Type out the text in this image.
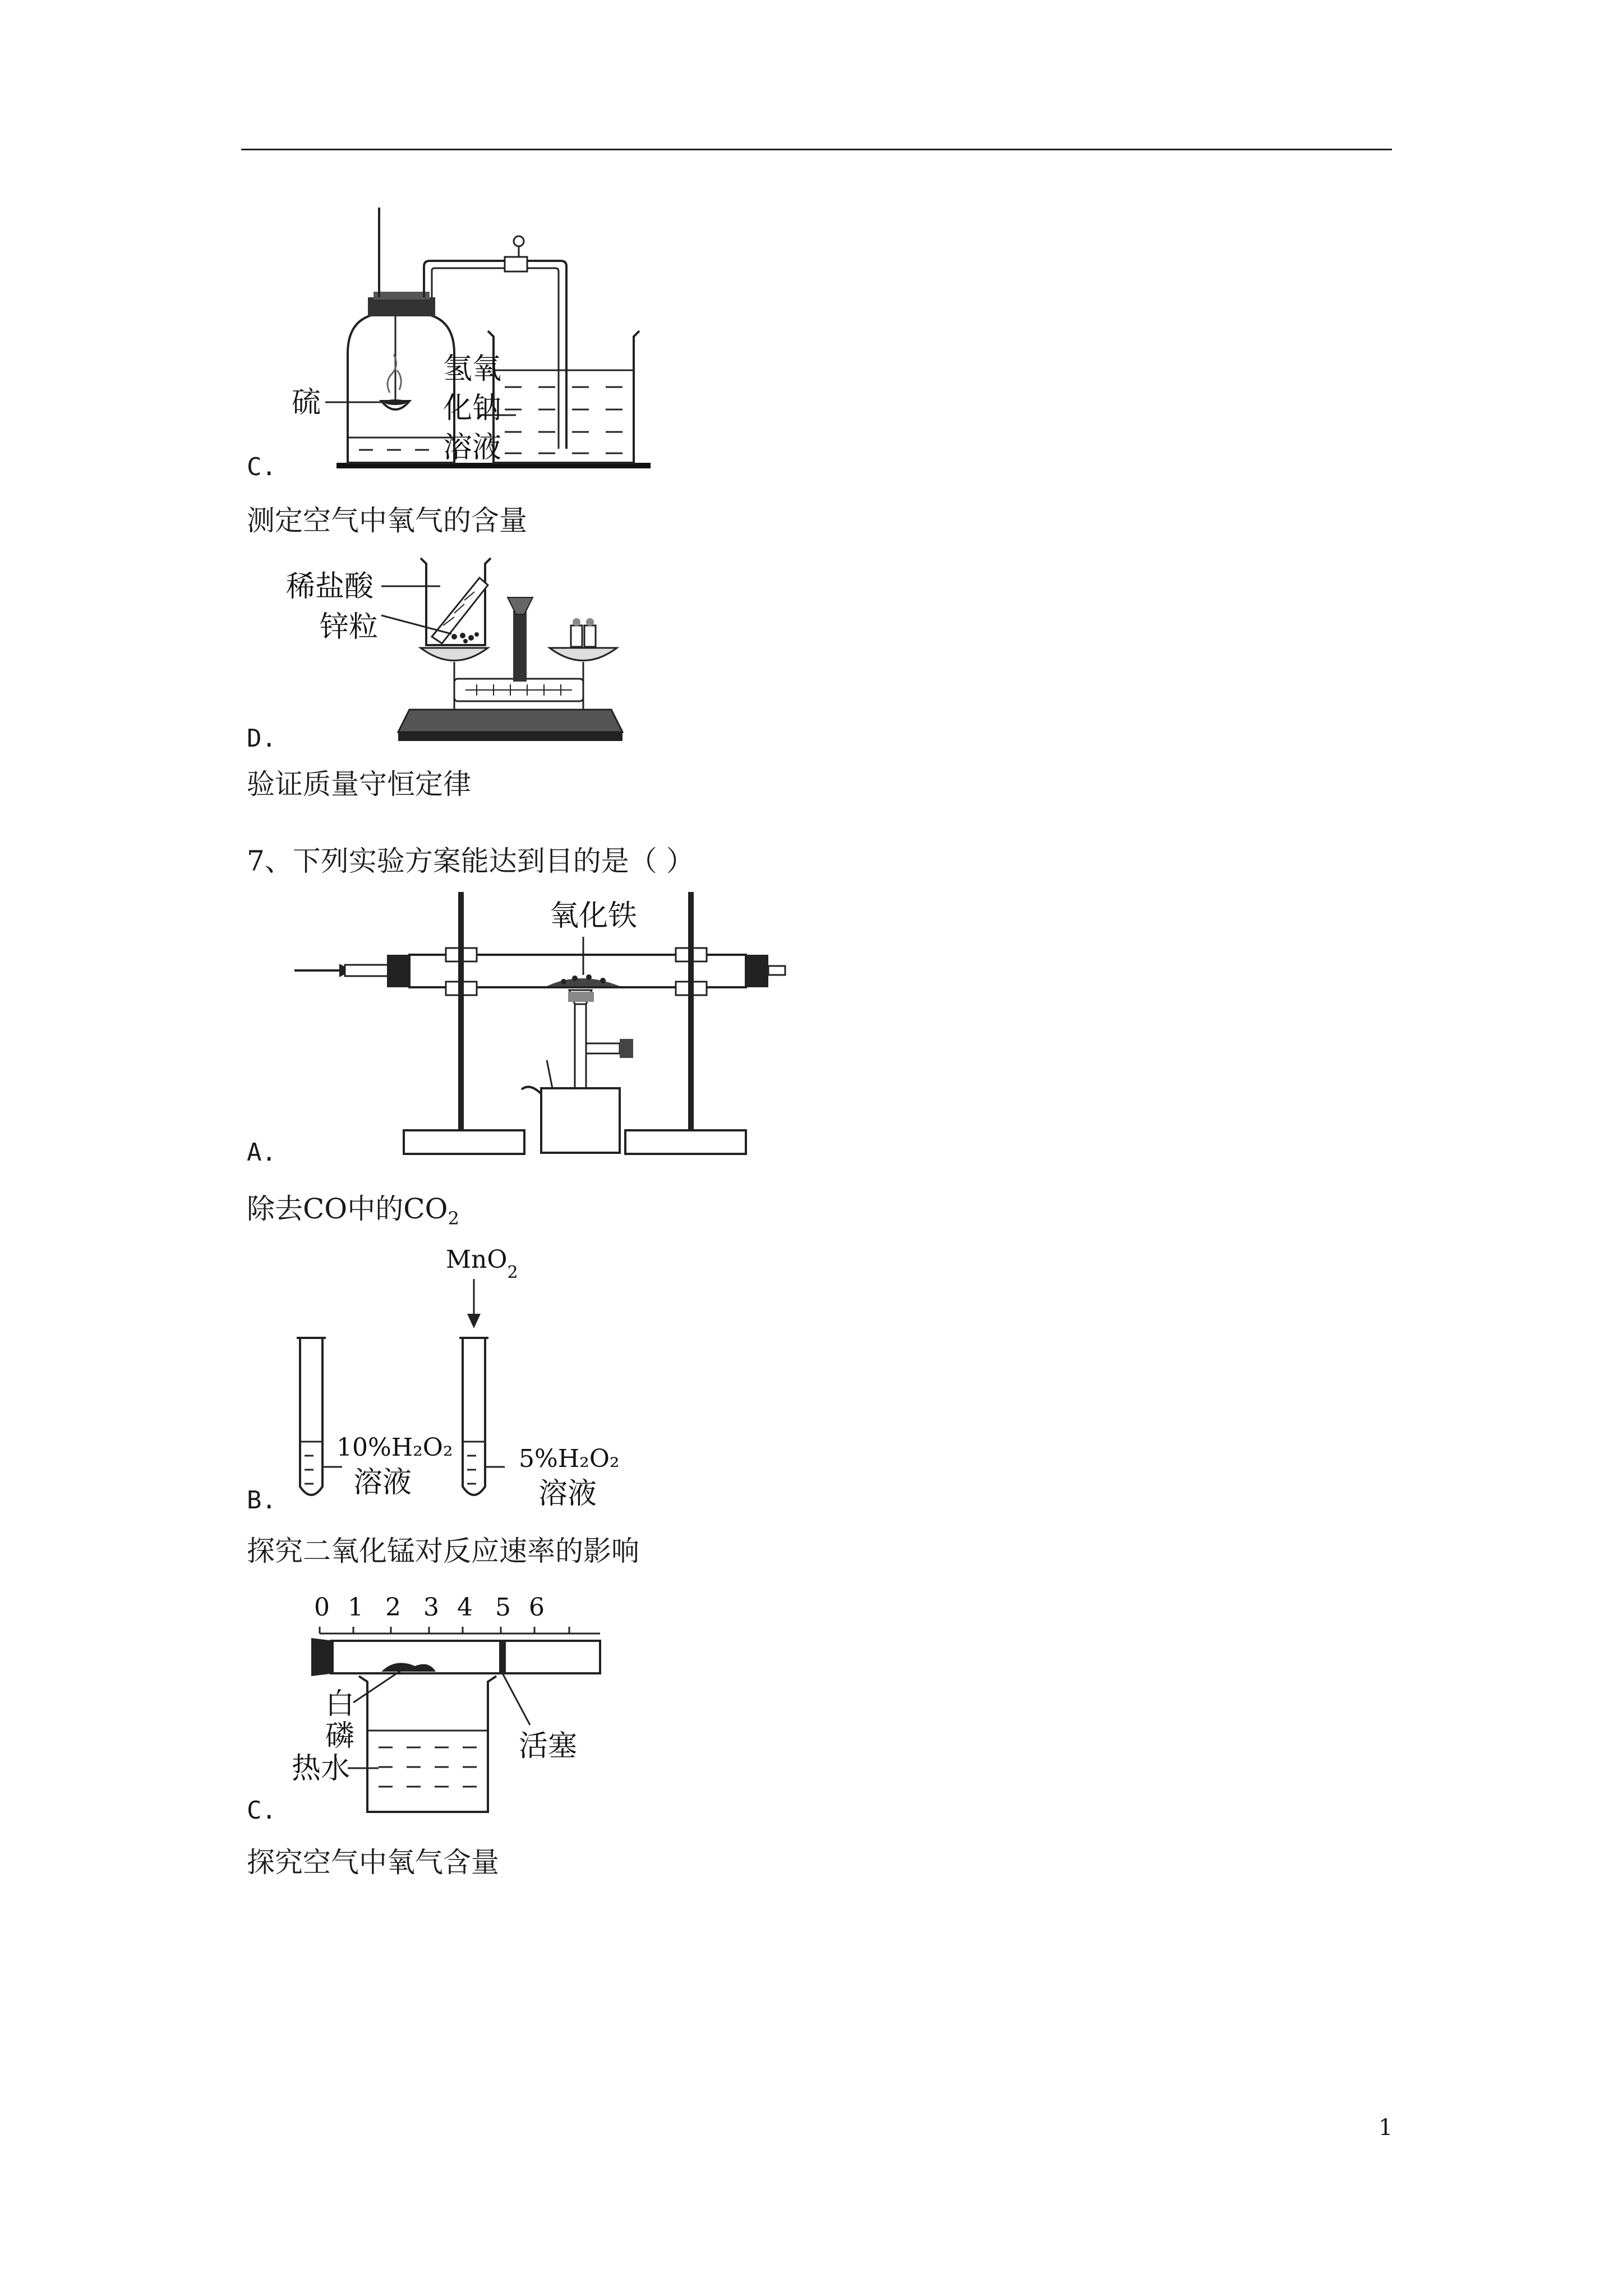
硫
氢氧
化钠
溶液
C.
测定空气中氧气的含量
稀盐酸
锌粒
D.
验证质量守恒定律
7、下列实验方案能达到目的是（ ）
氧化铁
A.
除去CO中的$CO_2$
MnO$_2$
10%H₂O₂
溶液
5%H₂O₂
溶液
B.
探究二氧化锰对反应速率的影响
0 1 2 3 4 5 6
白
磷
热水
活塞
C.
探究空气中氧气含量
1
